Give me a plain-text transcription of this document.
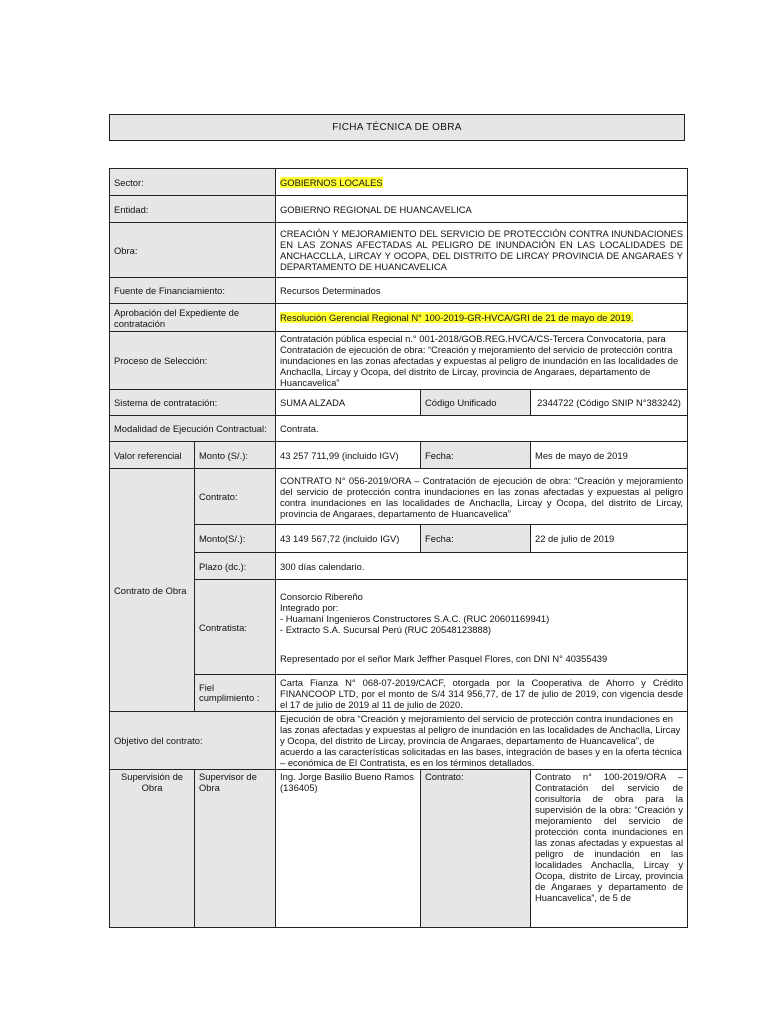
FICHA TÉCNICA DE OBRA
Sector:		GOBIERNOS LOCALES		
Entidad:		GOBIERNO REGIONAL DE HUANCAVELICA		
Obra:		CREACIÓN Y MEJORAMIENTO DEL SERVICIO DE PROTECCIÓN CONTRA INUNDACIONES EN LAS ZONAS AFECTADAS AL PELIGRO DE INUNDACIÓN EN LAS LOCALIDADES DE ANCHACCLLA, LIRCAY Y OCOPA, DEL DISTRITO DE LIRCAY PROVINCIA DE ANGARAES Y DEPARTAMENTO DE HUANCAVELICA		
Fuente de Financiamiento:		Recursos Determinados		
Aprobación del Expediente de contratación		Resolución Gerencial Regional N° 100-2019-GR-HVCA/GRI de 21 de mayo de 2019.		
Proceso de Selección:		Contratación pública especial n.° 001-2018/GOB.REG.HVCA/CS-Tercera Convocatoria, para Contratación de ejecución de obra: “Creación y mejoramiento del servicio de protección contra inundaciones en las zonas afectadas y expuestas al peligro de inundación en las localidades de Anchaclla, Lircay y Ocopa, del distrito de Lircay, provincia de Angaraes, departamento de Huancavelica”		
Sistema de contratación:		SUMA ALZADA	Código Unificado	2344722 (Código SNIP N°383242)
Modalidad de Ejecución Contractual:		Contrata.		
Valor referencial	Monto (S/.):	43 257 711,99 (incluido IGV)	Fecha:	Mes de mayo de 2019
Contrato de Obra	Contrato:	CONTRATO N° 056-2019/ORA – Contratación de ejecución de obra: “Creación y mejoramiento del servicio de protección contra inundaciones en las zonas afectadas y expuestas al peligro contra inundaciones en las localidades de Anchaclla, Lircay y Ocopa, del distrito de Lircay, provincia de Angaraes, departamento de Huancavelica”		
	Monto(S/.):	43 149 567,72 (incluido IGV)	Fecha:	22 de julio de 2019
	Plazo (dc.):	300 días calendario.		
	Contratista:	Consorcio Ribereño
Integrado por:
- Huamaní Ingenieros Constructores S.A.C. (RUC 20601169941)
- Extracto S.A. Sucursal Perú (RUC 20548123888)
Representado por el señor Mark Jeffher Pasquel Flores, con DNI N° 40355439		

	Fiel cumplimiento :	Carta Fianza N° 068-07-2019/CACF, otorgada por la Cooperativa de Ahorro y Crédito FINANCOOP LTD, por el monto de S/4 314 956,77, de 17 de julio de 2019, con vigencia desde el 17 de julio de 2019 al 11 de julio de 2020.		

Objetivo del contrato:		Ejecución de obra “Creación y mejoramiento del servicio de protección contra inundaciones en las zonas afectadas y expuestas al peligro de inundación en las localidades de Anchaclla, Lircay y Ocopa, del distrito de Lircay, provincia de Angaraes, departamento de Huancavelica”, de acuerdo a las características solicitadas en las bases, integración de bases y en la oferta técnica – económica de El Contratista, es en los términos detallados.		
Supervisión de Obra	Supervisor de Obra	Ing. Jorge Basilio Bueno Ramos (136405)	Contrato:	Contrato n° 100-2019/ORA – Contratación del servicio de consultoría de obra para la supervisión de la obra: “Creación y mejoramiento del servicio de protección conta inundaciones en las zonas afectadas y expuestas al peligro de inundación en las localidades Anchaclla, Lircay y Ocopa, distrito de Lircay, provincia de Angaraes y departamento de Huancavelica”, de 5 de
